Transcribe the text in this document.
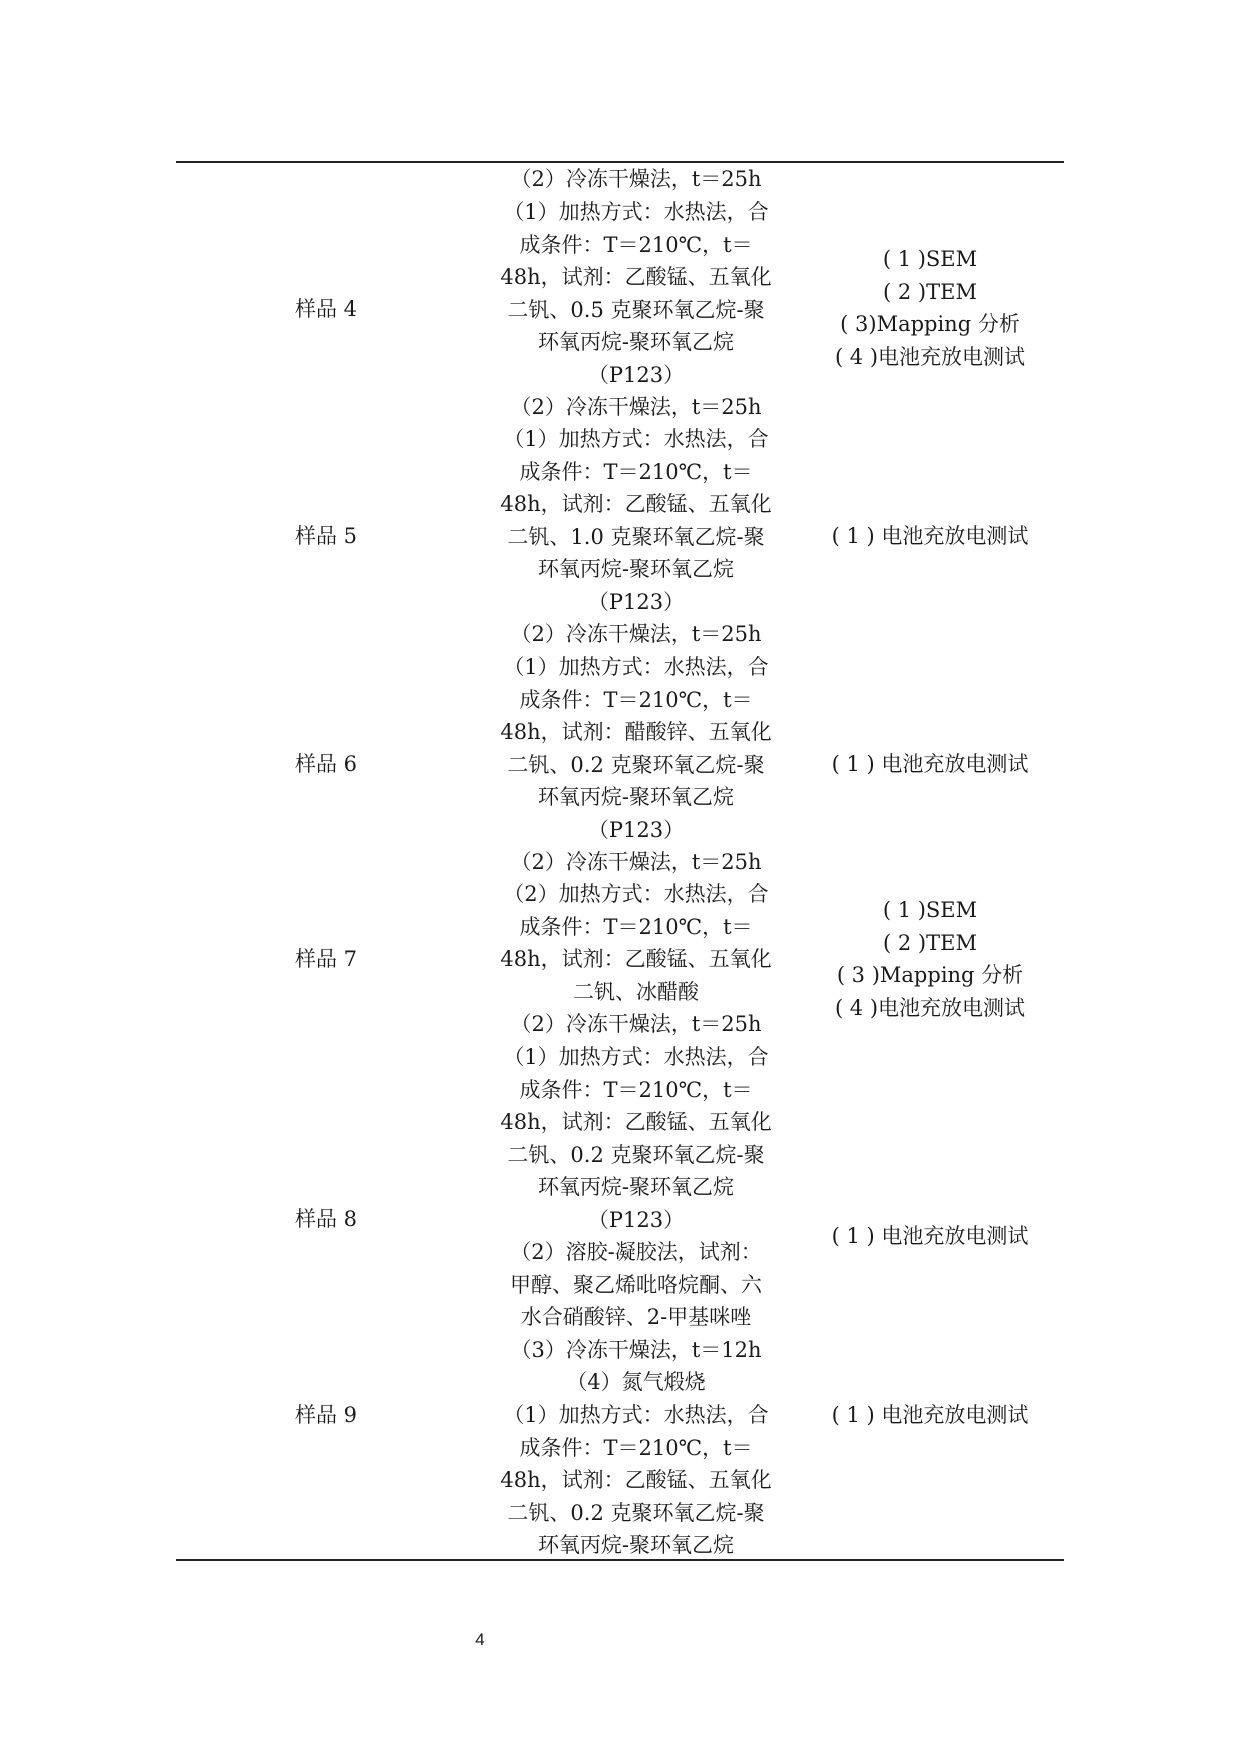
（2）冷冻干燥法，t＝25h
样品 4
（1）加热方式：水热法，合
成条件：T＝210℃，t＝
48h，试剂：乙酸锰、五氧化
二钒、0.5 克聚环氧乙烷-聚
环氧丙烷-聚环氧乙烷
（P123）
（2）冷冻干燥法，t＝25h
( 1 )SEM
( 2 )TEM
( 3)Mapping 分析
( 4 )电池充放电测试
样品 5
（1）加热方式：水热法，合
成条件：T＝210℃，t＝
48h，试剂：乙酸锰、五氧化
二钒、1.0 克聚环氧乙烷-聚
环氧丙烷-聚环氧乙烷
（P123）
（2）冷冻干燥法，t＝25h
( 1 ) 电池充放电测试
样品 6
（1）加热方式：水热法，合
成条件：T＝210℃，t＝
48h，试剂：醋酸锌、五氧化
二钒、0.2 克聚环氧乙烷-聚
环氧丙烷-聚环氧乙烷
（P123）
（2）冷冻干燥法，t＝25h
( 1 ) 电池充放电测试
样品 7
（2）加热方式：水热法，合
成条件：T＝210℃，t＝
48h，试剂：乙酸锰、五氧化
二钒、冰醋酸
（2）冷冻干燥法，t＝25h
( 1 )SEM
( 2 )TEM
( 3 )Mapping 分析
( 4 )电池充放电测试
样品 8
（1）加热方式：水热法，合
成条件：T＝210℃，t＝
48h，试剂：乙酸锰、五氧化
二钒、0.2 克聚环氧乙烷-聚
环氧丙烷-聚环氧乙烷
（P123）
（2）溶胶-凝胶法，试剂：
甲醇、聚乙烯吡咯烷酮、六
水合硝酸锌、2-甲基咪唑
（3）冷冻干燥法，t＝12h
（4）氮气煅烧
( 1 ) 电池充放电测试
样品 9	（1）加热方式：水热法，合
成条件：T＝210℃，t＝
48h，试剂：乙酸锰、五氧化
二钒、0.2 克聚环氧乙烷-聚
环氧丙烷-聚环氧乙烷
( 1 ) 电池充放电测试
4
